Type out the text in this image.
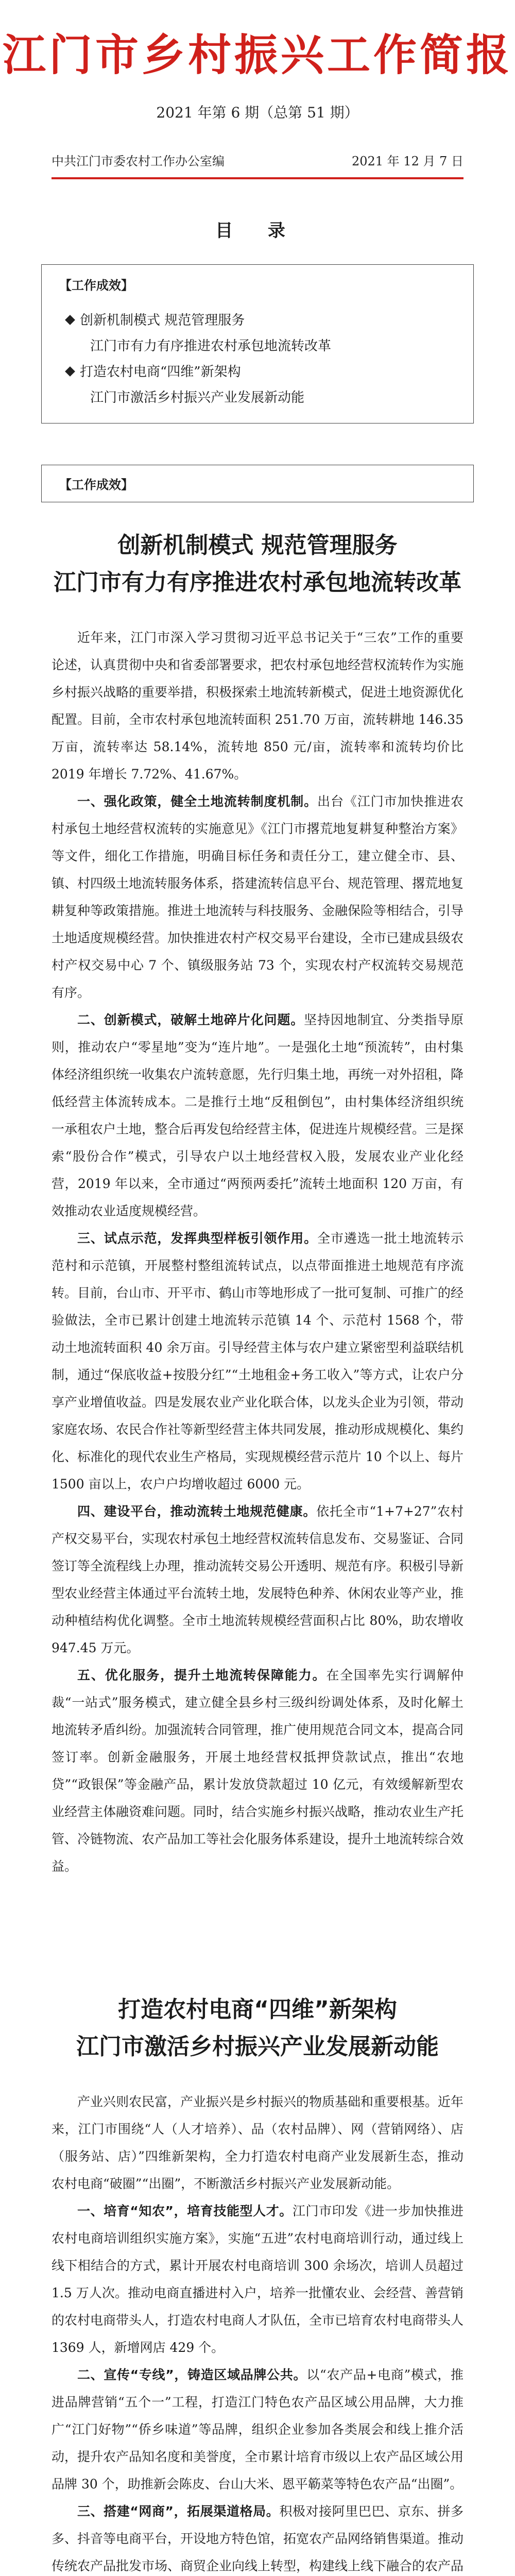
江门市乡村振兴工作简报
2021 年第 6 期（总第 51 期）
中共江门市委农村工作办公室编	2021 年 12 月 7 日
目 录
【工作成效】
创新机制模式 规范管理服务
江门市有力有序推进农村承包地流转改革
打造农村电商“四维”新架构
江门市激活乡村振兴产业发展新动能
【工作成效】
创新机制模式 规范管理服务
江门市有力有序推进农村承包地流转改革

近年来，江门市深入学习贯彻习近平总书记关于“三农”工作的重要论述，认真贯彻中央和省委部署要求，把农村承包地经营权流转作为实施乡村振兴战略的重要举措，积极探索土地流转新模式，促进土地资源优化配置。目前，全市农村承包地流转面积 251.70 万亩，流转耕地 146.35 万亩，流转率达 58.14%，流转地 850 元/亩，流转率和流转均价比 2019 年增长 7.72%、41.67%。

一、强化政策，健全土地流转制度机制。出台《江门市加快推进农村承包土地经营权流转的实施意见》《江门市撂荒地复耕复种整治方案》等文件，细化工作措施，明确目标任务和责任分工，建立健全市、县、镇、村四级土地流转服务体系，搭建流转信息平台、规范管理、撂荒地复耕复种等政策措施。推进土地流转与科技服务、金融保险等相结合，引导土地适度规模经营。加快推进农村产权交易平台建设，全市已建成县级农村产权交易中心 7 个、镇级服务站 73 个，实现农村产权流转交易规范有序。

二、创新模式，破解土地碎片化问题。坚持因地制宜、分类指导原则，推动农户“零星地”变为“连片地”。一是强化土地“预流转”，由村集体经济组织统一收集农户流转意愿，先行归集土地，再统一对外招租，降低经营主体流转成本。二是推行土地“反租倒包”，由村集体经济组织统一承租农户土地，整合后再发包给经营主体，促进连片规模经营。三是探索“股份合作”模式，引导农户以土地经营权入股，发展农业产业化经营，2019 年以来，全市通过“两预两委托”流转土地面积 120 万亩，有效推动农业适度规模经营。

三、试点示范，发挥典型样板引领作用。全市遴选一批土地流转示范村和示范镇，开展整村整组流转试点，以点带面推进土地规范有序流转。目前，台山市、开平市、鹤山市等地形成了一批可复制、可推广的经验做法，全市已累计创建土地流转示范镇 14 个、示范村 1568 个，带动土地流转面积 40 余万亩。引导经营主体与农户建立紧密型利益联结机制，通过“保底收益+按股分红”“土地租金+务工收入”等方式，让农户分享产业增值收益。四是发展农业产业化联合体，以龙头企业为引领，带动家庭农场、农民合作社等新型经营主体共同发展，推动形成规模化、集约化、标准化的现代农业生产格局，实现规模经营示范片 10 个以上、每片 1500 亩以上，农户户均增收超过 6000 元。

四、建设平台，推动流转土地规范健康。依托全市“1+7+27”农村产权交易平台，实现农村承包土地经营权流转信息发布、交易鉴证、合同签订等全流程线上办理，推动流转交易公开透明、规范有序。积极引导新型农业经营主体通过平台流转土地，发展特色种养、休闲农业等产业，推动种植结构优化调整。全市土地流转规模经营面积占比 80%，助农增收 947.45 万元。

五、优化服务，提升土地流转保障能力。在全国率先实行调解仲裁“一站式”服务模式，建立健全县乡村三级纠纷调处体系，及时化解土地流转矛盾纠纷。加强流转合同管理，推广使用规范合同文本，提高合同签订率。创新金融服务，开展土地经营权抵押贷款试点，推出“农地贷”“政银保”等金融产品，累计发放贷款超过 10 亿元，有效缓解新型农业经营主体融资难问题。同时，结合实施乡村振兴战略，推动农业生产托管、冷链物流、农产品加工等社会化服务体系建设，提升土地流转综合效益。

打造农村电商“四维”新架构
江门市激活乡村振兴产业发展新动能

产业兴则农民富，产业振兴是乡村振兴的物质基础和重要根基。近年来，江门市围绕“人（人才培养）、品（农村品牌）、网（营销网络）、店（服务站、店）”四维新架构，全力打造农村电商产业发展新生态，推动农村电商“破圈”“出圈”，不断激活乡村振兴产业发展新动能。

一、培育“知农”，培育技能型人才。江门市印发《进一步加快推进农村电商培训组织实施方案》，实施“五进”农村电商培训行动，通过线上线下相结合的方式，累计开展农村电商培训 300 余场次，培训人员超过 1.5 万人次。推动电商直播进村入户，培养一批懂农业、会经营、善营销的农村电商带头人，打造农村电商人才队伍，全市已培育农村电商带头人 1369 人，新增网店 429 个。

二、宣传“专线”，铸造区域品牌公共。以“农产品+电商”模式，推进品牌营销“五个一”工程，打造江门特色农产品区域公用品牌，大力推广“江门好物”“侨乡味道”等品牌，组织企业参加各类展会和线上推介活动，提升农产品知名度和美誉度，全市累计培育市级以上农产品区域公用品牌 30 个，助推新会陈皮、台山大米、恩平簕菜等特色农产品“出圈”。

三、搭建“网商”，拓展渠道格局。积极对接阿里巴巴、京东、拼多多、抖音等电商平台，开设地方特色馆，拓宽农产品网络销售渠道。推动传统农产品批发市场、商贸企业向线上转型，构建线上线下融合的农产品
